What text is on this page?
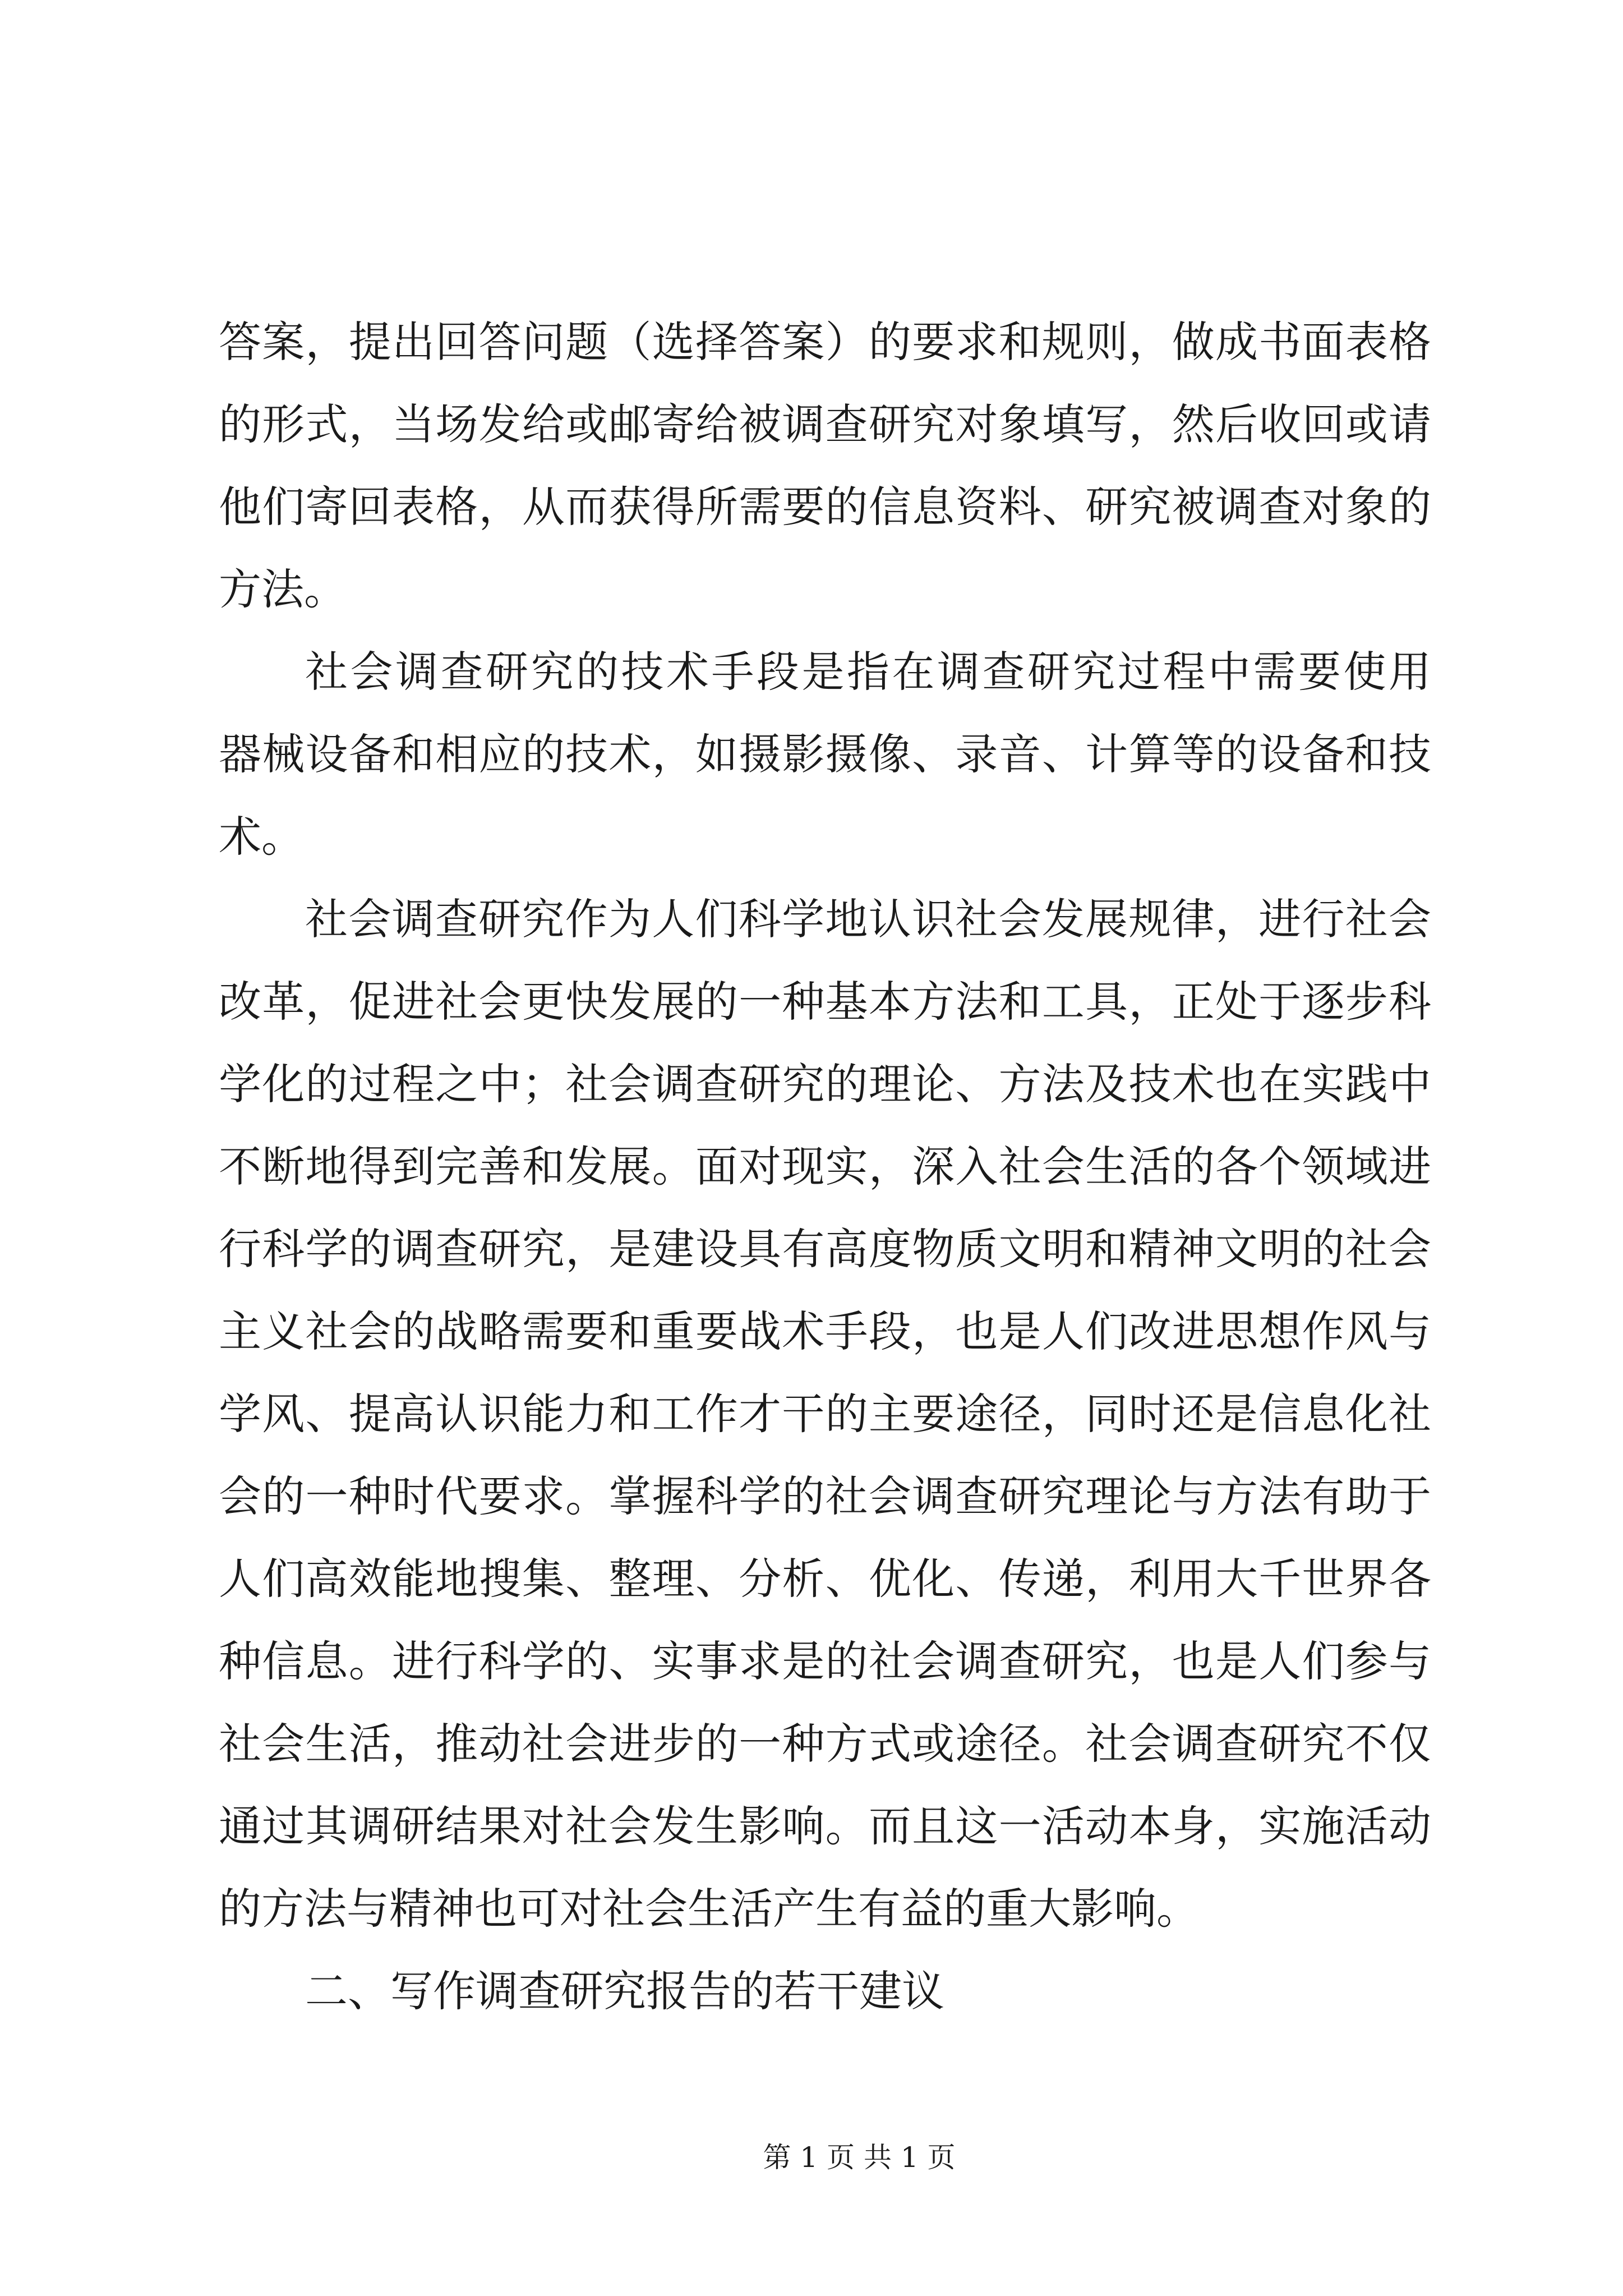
答案，提出回答问题（选择答案）的要求和规则，做成书面表格
的形式，当场发给或邮寄给被调查研究对象填写，然后收回或请
他们寄回表格，从而获得所需要的信息资料、研究被调查对象的
方法。
社会调查研究的技术手段是指在调查研究过程中需要使用
器械设备和相应的技术，如摄影摄像、录音、计算等的设备和技
术。
社会调查研究作为人们科学地认识社会发展规律，进行社会
改革，促进社会更快发展的一种基本方法和工具，正处于逐步科
学化的过程之中；社会调查研究的理论、方法及技术也在实践中
不断地得到完善和发展。面对现实，深入社会生活的各个领域进
行科学的调查研究，是建设具有高度物质文明和精神文明的社会
主义社会的战略需要和重要战术手段，也是人们改进思想作风与
学风、提高认识能力和工作才干的主要途径，同时还是信息化社
会的一种时代要求。掌握科学的社会调查研究理论与方法有助于
人们高效能地搜集、整理、分析、优化、传递，利用大千世界各
种信息。进行科学的、实事求是的社会调查研究，也是人们参与
社会生活，推动社会进步的一种方式或途径。社会调查研究不仅
通过其调研结果对社会发生影响。而且这一活动本身，实施活动
的方法与精神也可对社会生活产生有益的重大影响。
二、写作调查研究报告的若干建议
第 1 页 共 1 页
